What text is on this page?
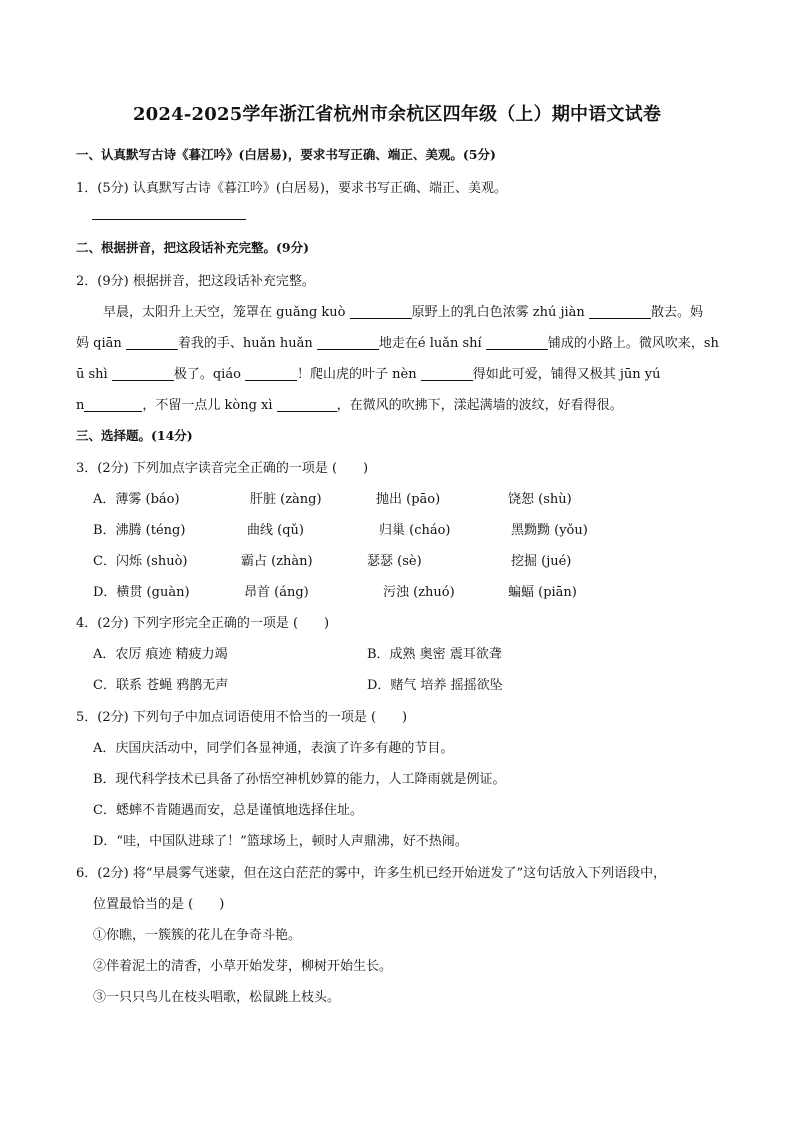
2024-2025学年浙江省杭州市余杭区四年级（上）期中语文试卷
一、认真默写古诗《暮江吟》(白居易)，要求书写正确、端正、美观。(5分)
1．(5分) 认真默写古诗《暮江吟》(白居易)，要求书写正确、端正、美观。
二、根据拼音，把这段话补充完整。(9分)
2．(9分) 根据拼音，把这段话补充完整。
早晨，太阳升上天空，笼罩在 guǎng kuò	原野上的乳白色浓雾 zhú jiàn	散去。妈
妈 qiān	着我的手、huǎn huǎn	地走在é luǎn shí	铺成的小路上。微风吹来，sh
ū shì	极了。qiáo	！爬山虎的叶子 nèn	得如此可爱，铺得又极其 jūn yú
n	，不留一点儿 kòng xì	，在微风的吹拂下，漾起满墙的波纹，好看得很。
三、选择题。(14分)
3．(2分) 下列加点字读音完全正确的一项是 (　　)
A．薄雾 (báo)	肝脏 (zàng)	抛出 (pāo)	饶恕 (shù)
B．沸腾 (téng)	曲线 (qǔ)	归巢 (cháo)	黑黝黝 (yǒu)
C．闪烁 (shuò)	霸占 (zhàn)	瑟瑟 (sè)	挖掘 (jué)
D．横贯 (guàn)	昂首 (áng)	污浊 (zhuó)	蝙蝠 (piān)
4．(2分) 下列字形完全正确的一项是 (　　)
A．农厉 痕迹 精疲力竭	B．成熟 奥密 震耳欲聋
C．联系 苍蝇 鸦鹊无声	D．赌气 培养 摇摇欲坠
5．(2分) 下列句子中加点词语使用不恰当的一项是 (　　)
A．庆国庆活动中，同学们各显神通，表演了许多有趣的节目。
B．现代科学技术已具备了孙悟空神机妙算的能力，人工降雨就是例证。
C．蟋蟀不肯随遇而安，总是谨慎地选择住址。
D．“哇，中国队进球了！”篮球场上，顿时人声鼎沸，好不热闹。
6．(2分) 将“早晨雾气迷蒙，但在这白茫茫的雾中，许多生机已经开始迸发了”这句话放入下列语段中，
位置最恰当的是 (　　)
①你瞧，一簇簇的花儿在争奇斗艳。
②伴着泥土的清香，小草开始发芽，柳树开始生长。
③一只只鸟儿在枝头唱歌，松鼠跳上枝头。
